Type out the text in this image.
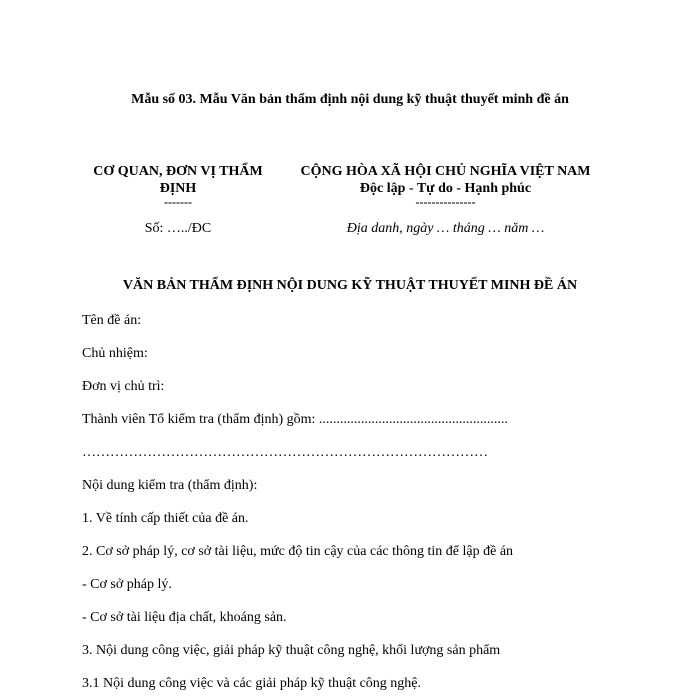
Mẫu số 03. Mẫu Văn bản thẩm định nội dung kỹ thuật thuyết minh đề án
CƠ QUAN, ĐƠN VỊ THẨM
ĐỊNH
-------
CỘNG HÒA XÃ HỘI CHỦ NGHĨA VIỆT NAM
Độc lập - Tự do - Hạnh phúc
---------------
Số: …../ĐC	Địa danh, ngày … tháng … năm …
VĂN BẢN THẨM ĐỊNH NỘI DUNG KỸ THUẬT THUYẾT MINH ĐỀ ÁN
Tên đề án:
Chủ nhiệm:
Đơn vị chủ trì:
Thành viên Tổ kiểm tra (thẩm định) gồm: ......................................................
……………………………………………………………………………
Nội dung kiểm tra (thẩm định):
1. Về tính cấp thiết của đề án.
2. Cơ sở pháp lý, cơ sở tài liệu, mức độ tin cậy của các thông tin để lập đề án
- Cơ sở pháp lý.
- Cơ sở tài liệu địa chất, khoáng sản.
3. Nội dung công việc, giải pháp kỹ thuật công nghệ, khối lượng sản phẩm
3.1 Nội dung công việc và các giải pháp kỹ thuật công nghệ.
